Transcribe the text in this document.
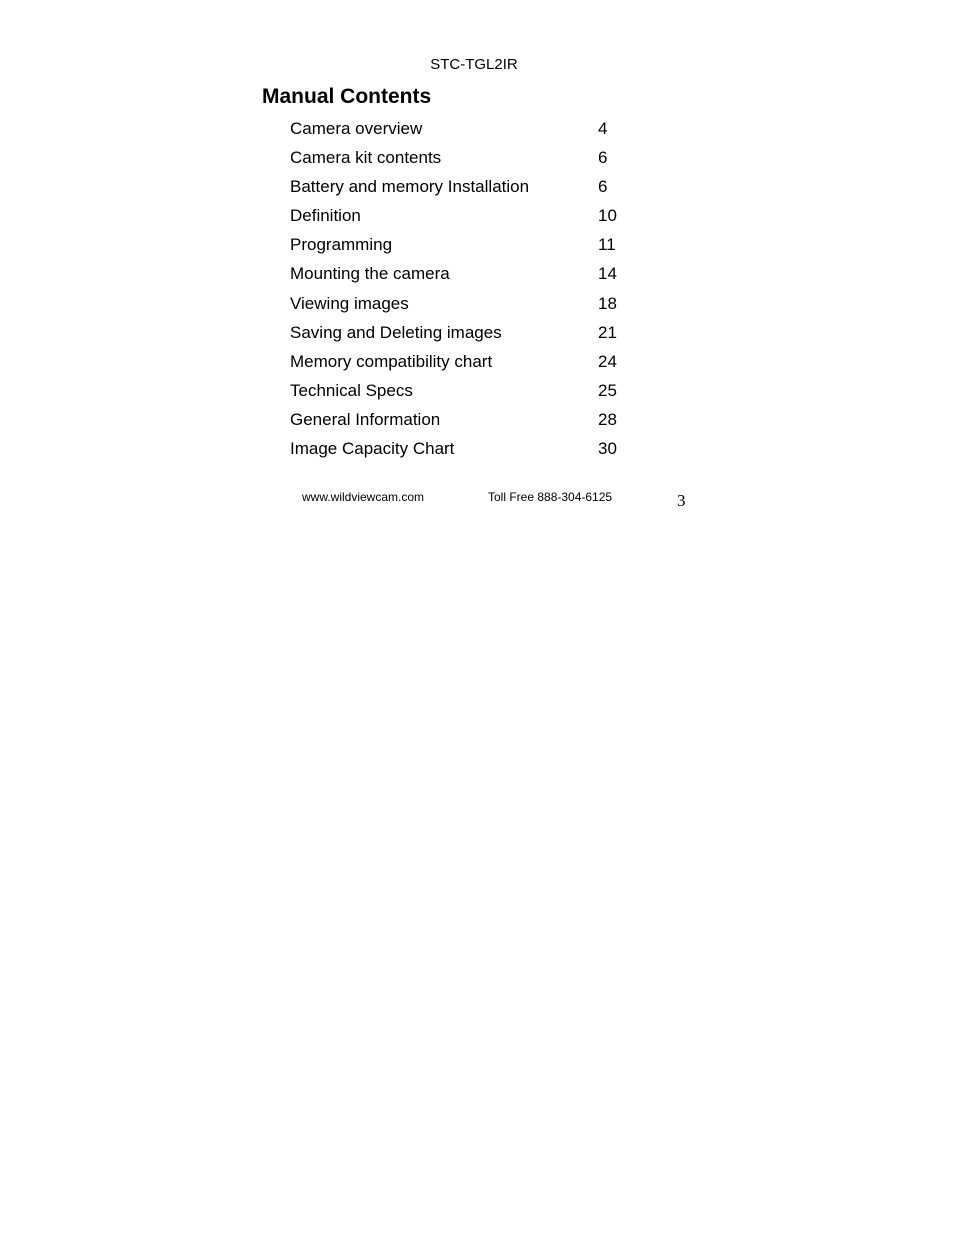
STC-TGL2IR
Manual Contents
Camera overview	4
Camera kit contents	6
Battery and memory Installation	6
Definition	10
Programming	11
Mounting the camera	14
Viewing images	18
Saving and Deleting images	21
Memory compatibility chart	24
Technical Specs	25
General Information	28
Image Capacity Chart	30
www.wildviewcam.com	Toll Free 888-304-6125	3
